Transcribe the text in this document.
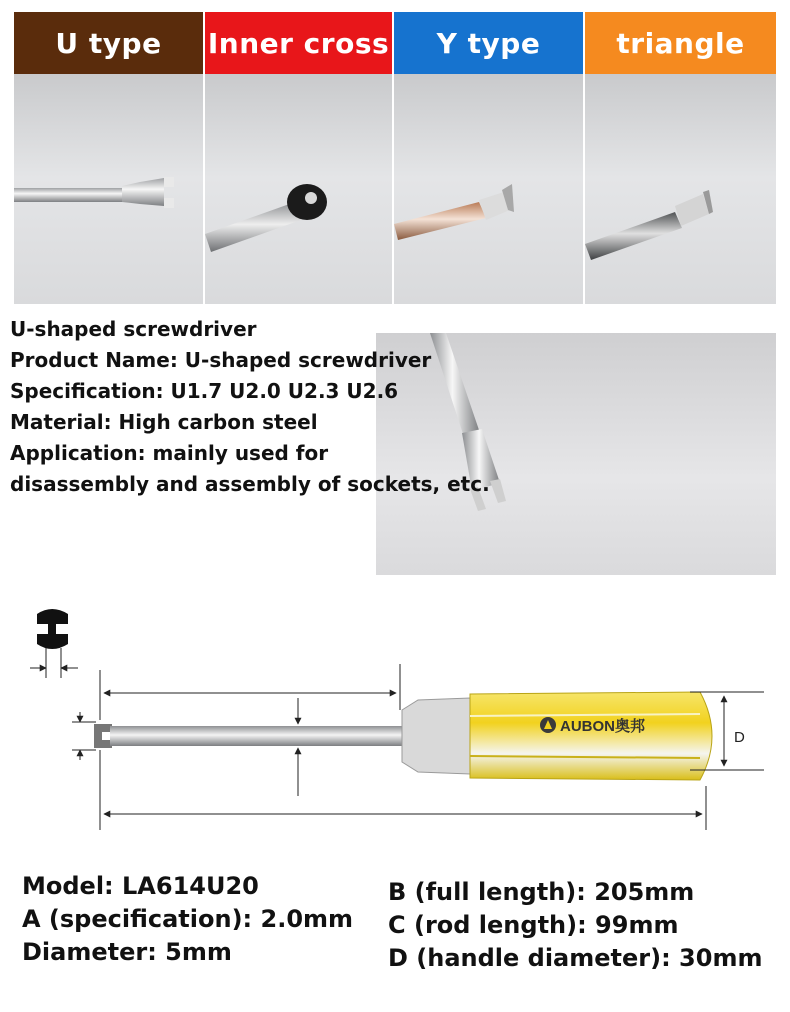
U type	Inner cross	Y type	triangle
U-shaped screwdriver
Product Name: U-shaped screwdriver
Specification: U1.7 U2.0 U2.3 U2.6
Material: High carbon steel
Application: mainly used for
disassembly and assembly of sockets, etc.
AUBON奥邦
D
Model: LA614U20
A (specification): 2.0mm
Diameter: 5mm
B (full length): 205mm
C (rod length): 99mm
D (handle diameter): 30mm
